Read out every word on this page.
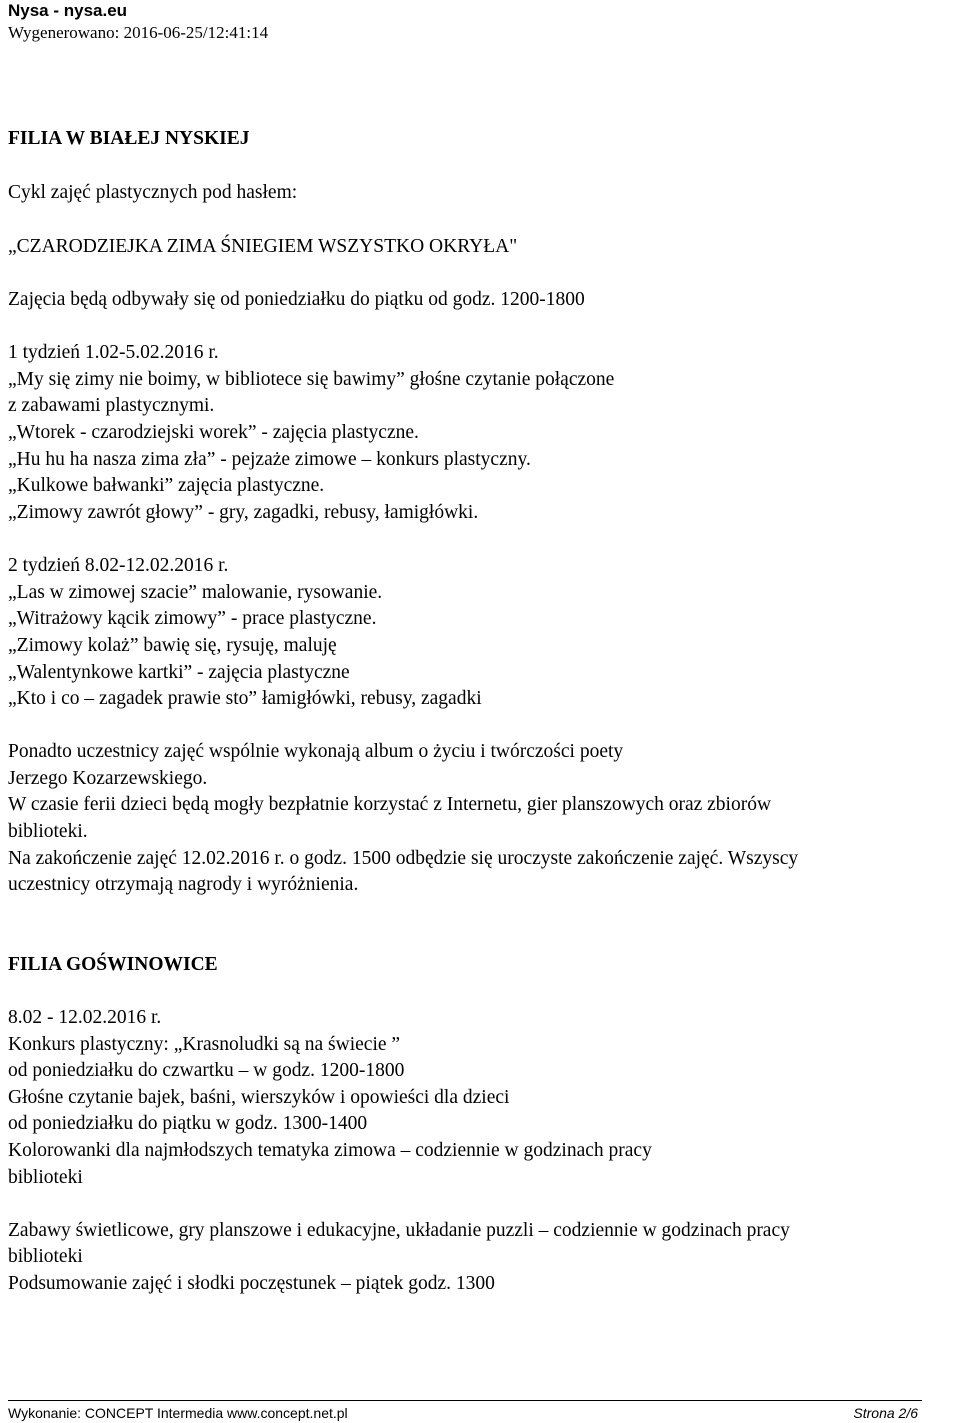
Nysa - nysa.eu
Wygenerowano: 2016-06-25/12:41:14
FILIA W BIAŁEJ NYSKIEJ
Cykl zajęć plastycznych pod hasłem:
„CZARODZIEJKA ZIMA ŚNIEGIEM WSZYSTKO OKRYŁA"
Zajęcia będą odbywały się od poniedziałku do piątku od godz. 1200-1800
1 tydzień 1.02-5.02.2016 r.
„My się zimy nie boimy, w bibliotece się bawimy” głośne czytanie połączone
z zabawami plastycznymi.
„Wtorek - czarodziejski worek” - zajęcia plastyczne.
„Hu hu ha nasza zima zła” - pejzaże zimowe – konkurs plastyczny.
„Kulkowe bałwanki” zajęcia plastyczne.
„Zimowy zawrót głowy” - gry, zagadki, rebusy, łamigłówki.
2 tydzień 8.02-12.02.2016 r.
„Las w zimowej szacie” malowanie, rysowanie.
„Witrażowy kącik zimowy” - prace plastyczne.
„Zimowy kolaż” bawię się, rysuję, maluję
„Walentynkowe kartki” - zajęcia plastyczne
„Kto i co – zagadek prawie sto” łamigłówki, rebusy, zagadki
Ponadto uczestnicy zajęć wspólnie wykonają album o życiu i twórczości poety
Jerzego Kozarzewskiego.
W czasie ferii dzieci będą mogły bezpłatnie korzystać z Internetu, gier planszowych oraz zbiorów
biblioteki.
Na zakończenie zajęć 12.02.2016 r. o godz. 1500 odbędzie się uroczyste zakończenie zajęć. Wszyscy
uczestnicy otrzymają nagrody i wyróżnienia.
FILIA GOŚWINOWICE
8.02 - 12.02.2016 r.
Konkurs plastyczny: „Krasnoludki są na świecie ”
od poniedziałku do czwartku – w godz. 1200-1800
Głośne czytanie bajek, baśni, wierszyków i opowieści dla dzieci
od poniedziałku do piątku w godz. 1300-1400
Kolorowanki dla najmłodszych tematyka zimowa – codziennie w godzinach pracy
biblioteki
Zabawy świetlicowe, gry planszowe i edukacyjne, układanie puzzli – codziennie w godzinach pracy
biblioteki
Podsumowanie zajęć i słodki poczęstunek – piątek godz. 1300
Wykonanie: CONCEPT Intermedia www.concept.net.pl	Strona 2/6
